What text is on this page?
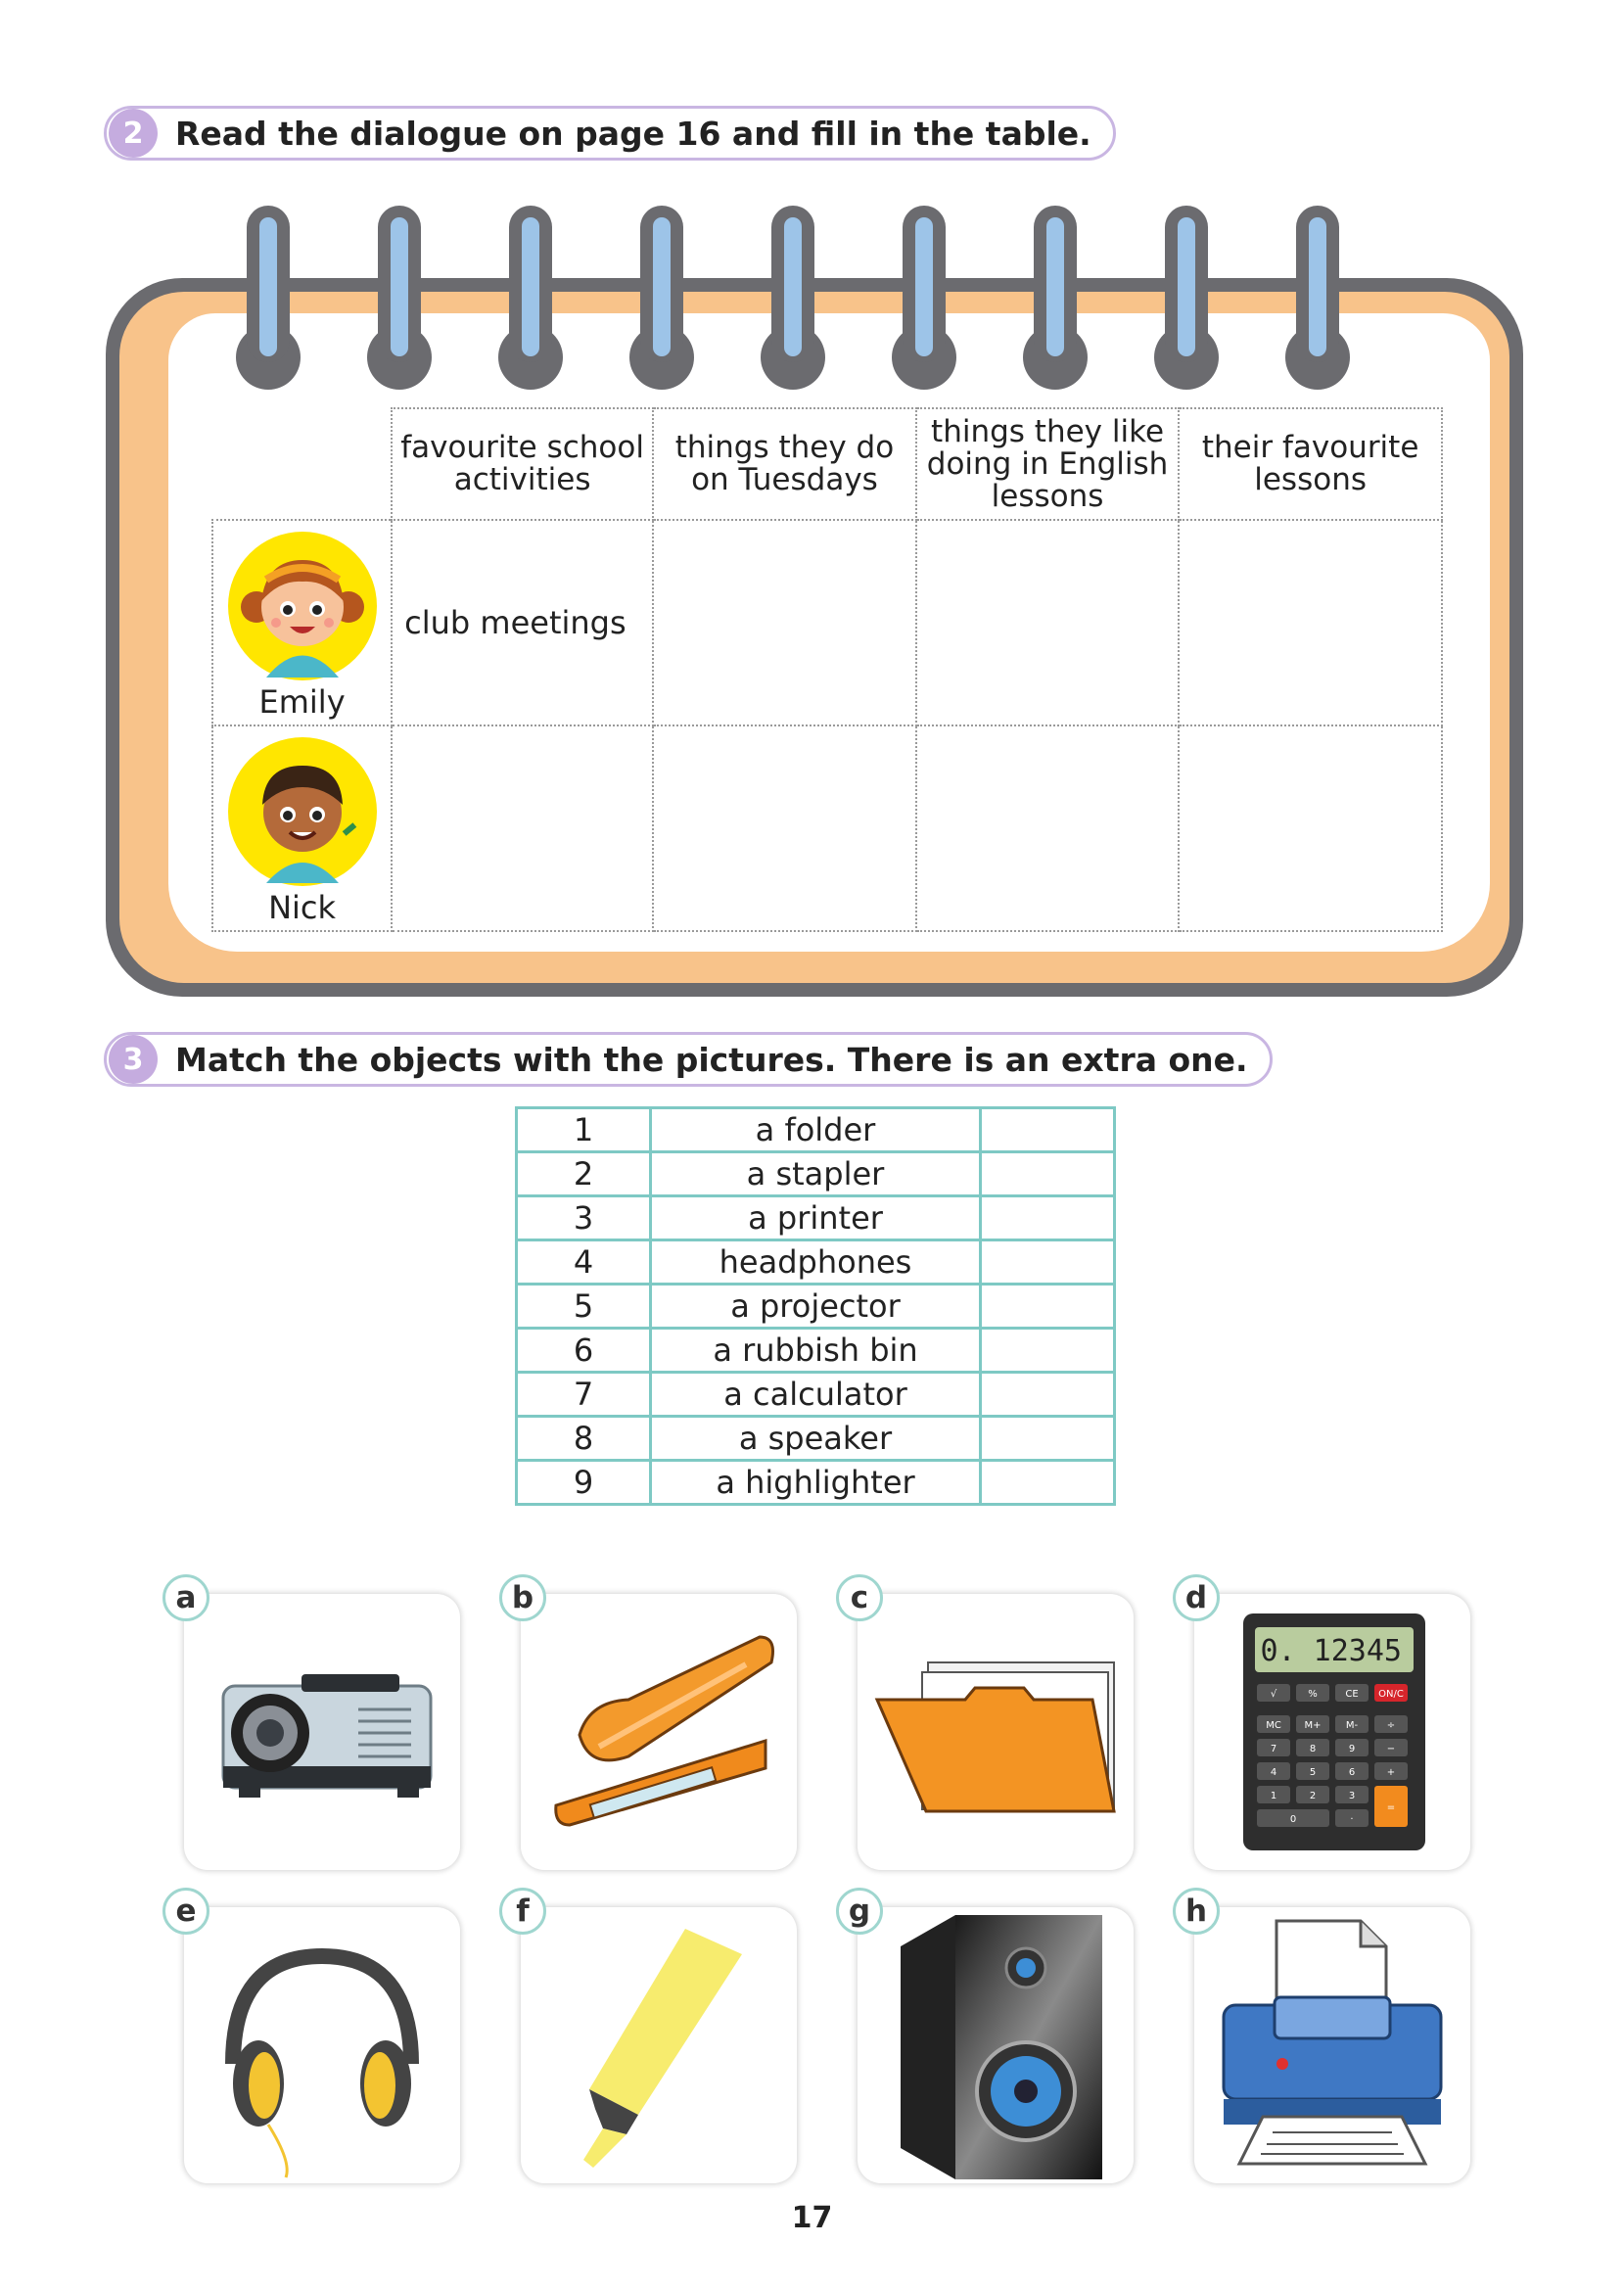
2 Read the dialogue on page 16 and fill in the table.
	favourite school activities	things they do on Tuesdays	things they like doing in English lessons	their favourite lessons

Emily	club meetings			

Nick				

3 Match the objects with the pictures. There is an extra one.
1	a folder	
2	a stapler	
3	a printer	
4	headphones	
5	a projector	
6	a rubbish bin	
7	a calculator	
8	a speaker	
9	a highlighter	
a	b	c
0. 12345
√	%	CE ON/C
MC M+	M-	÷
7	8	9	−
4	5	6	+
1	2	3
0	·
=
d
e	f	g	h
17
